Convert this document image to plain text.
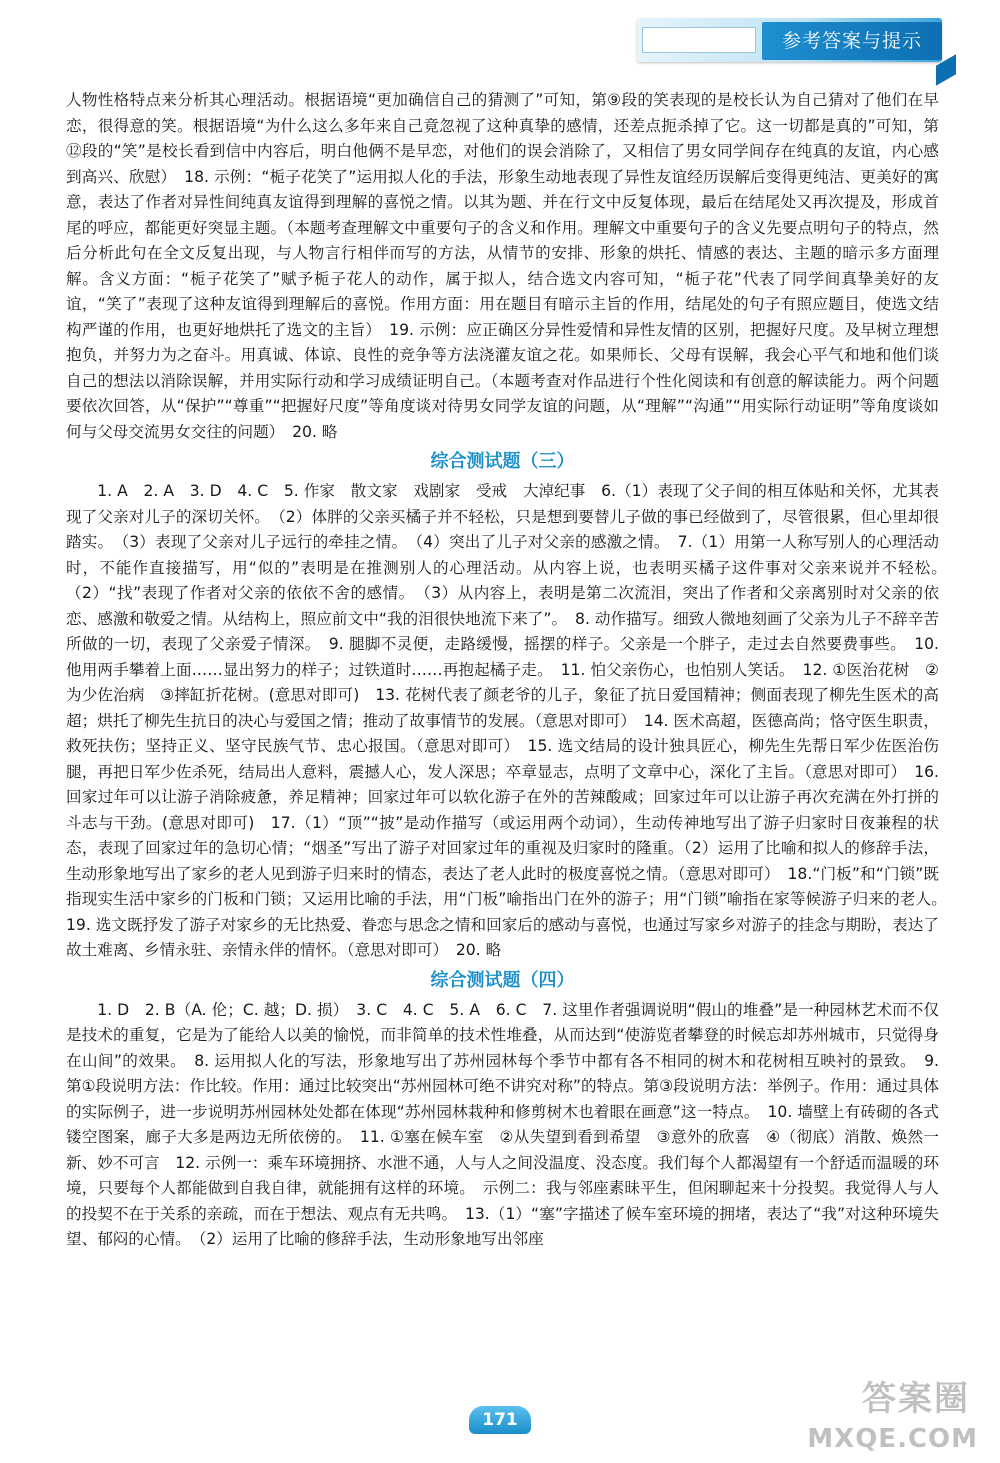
参考答案与提示

人物性格特点来分析其心理活动。根据语境“更加确信自己的猜测了”可知，第⑨段的笑表现的是校长认为自己猜对了他们在早恋，很得意的笑。根据语境“为什么这么多年来自己竟忽视了这种真挚的感情，还差点扼杀掉了它。这一切都是真的”可知，第⑫段的“笑”是校长看到信中内容后，明白他俩不是早恋，对他们的误会消除了，又相信了男女同学间存在纯真的友谊，内心感到高兴、欣慰）　18. 示例：“栀子花笑了”运用拟人化的手法，形象生动地表现了异性友谊经历误解后变得更纯洁、更美好的寓意，表达了作者对异性间纯真友谊得到理解的喜悦之情。以其为题、并在行文中反复体现，最后在结尾处又再次提及，形成首尾的呼应，都能更好突显主题。（本题考查理解文中重要句子的含义和作用。理解文中重要句子的含义先要点明句子的特点，然后分析此句在全文反复出现，与人物言行相伴而写的方法，从情节的安排、形象的烘托、情感的表达、主题的暗示多方面理解。含义方面：“栀子花笑了”赋予栀子花人的动作，属于拟人，结合选文内容可知，“栀子花”代表了同学间真挚美好的友谊，“笑了”表现了这种友谊得到理解后的喜悦。作用方面：用在题目有暗示主旨的作用，结尾处的句子有照应题目，使选文结构严谨的作用，也更好地烘托了选文的主旨）　19. 示例：应正确区分异性爱情和异性友情的区别，把握好尺度。及早树立理想抱负，并努力为之奋斗。用真诚、体谅、良性的竞争等方法浇灌友谊之花。如果师长、父母有误解，我会心平气和地和他们谈自己的想法以消除误解，并用实际行动和学习成绩证明自己。（本题考查对作品进行个性化阅读和有创意的解读能力。两个问题要依次回答，从“保护”“尊重”“把握好尺度”等角度谈对待男女同学友谊的问题，从“理解”“沟通”“用实际行动证明”等角度谈如何与父母交流男女交往的问题）　20. 略

综合测试题（三）

1. A　2. A　3. D　4. C　5. 作家　散文家　戏剧家　受戒　大淖纪事　6.（1）表现了父子间的相互体贴和关怀，尤其表现了父亲对儿子的深切关怀。　（2）体胖的父亲买橘子并不轻松，只是想到要替儿子做的事已经做到了，尽管很累，但心里却很踏实。　（3）表现了父亲对儿子远行的牵挂之情。　（4）突出了儿子对父亲的感激之情。　7.（1）用第一人称写别人的心理活动时，不能作直接描写，用“似的”表明是在推测别人的心理活动。从内容上说，也表明买橘子这件事对父亲来说并不轻松。　（2）“找”表现了作者对父亲的依依不舍的感情。　（3）从内容上，表明是第二次流泪，突出了作者和父亲离别时对父亲的依恋、感激和敬爱之情。从结构上，照应前文中“我的泪很快地流下来了”。　8. 动作描写。细致人微地刻画了父亲为儿子不辞辛苦所做的一切，表现了父亲爱子情深。　9. 腿脚不灵便，走路缓慢，摇摆的样子。父亲是一个胖子，走过去自然要费事些。　10. 他用两手攀着上面……显出努力的样子；过铁道时……再抱起橘子走。　11. 怕父亲伤心，也怕别人笑话。　12. ①医治花树　②为少佐治病　③摔缸折花树。(意思对即可)　13. 花树代表了颜老爷的儿子，象征了抗日爱国精神；侧面表现了柳先生医术的高超；烘托了柳先生抗日的决心与爱国之情；推动了故事情节的发展。（意思对即可）　14. 医术高超，医德高尚；恪守医生职责，救死扶伤；坚持正义、坚守民族气节、忠心报国。（意思对即可）　15. 选文结局的设计独具匠心，柳先生先帮日军少佐医治伤腿，再把日军少佐杀死，结局出人意料，震撼人心，发人深思；卒章显志，点明了文章中心，深化了主旨。（意思对即可）　16. 回家过年可以让游子消除疲惫，养足精神；回家过年可以软化游子在外的苦辣酸咸；回家过年可以让游子再次充满在外打拼的斗志与干劲。(意思对即可)　17.（1）“顶”“披”是动作描写（或运用两个动词），生动传神地写出了游子归家时日夜兼程的状态，表现了回家过年的急切心情；“烟圣”写出了游子对回家过年的重视及归家时的隆重。（2）运用了比喻和拟人的修辞手法，生动形象地写出了家乡的老人见到游子归来时的情态，表达了老人此时的极度喜悦之情。（意思对即可）　18.“门板”和“门锁”既指现实生活中家乡的门板和门锁；又运用比喻的手法，用“门板”喻指出门在外的游子；用“门锁”喻指在家等候游子归来的老人。　19. 选文既抒发了游子对家乡的无比热爱、眷恋与思念之情和回家后的感动与喜悦，也通过写家乡对游子的挂念与期盼，表达了故土难离、乡情永驻、亲情永伴的情怀。（意思对即可）　20. 略

综合测试题（四）

1. D　2. B（A. 伦；C. 越；D. 损）　3. C　4. C　5. A　6. C　7. 这里作者强调说明“假山的堆叠”是一种园林艺术而不仅是技术的重复，它是为了能给人以美的愉悦，而非简单的技术性堆叠，从而达到“使游览者攀登的时候忘却苏州城市，只觉得身在山间”的效果。　8. 运用拟人化的写法，形象地写出了苏州园林每个季节中都有各不相同的树木和花树相互映衬的景致。　9. 第①段说明方法：作比较。作用：通过比较突出“苏州园林可绝不讲究对称”的特点。第③段说明方法：举例子。作用：通过具体的实际例子，进一步说明苏州园林处处都在体现“苏州园林栽种和修剪树木也着眼在画意”这一特点。　10. 墙壁上有砖砌的各式镂空图案，廊子大多是两边无所依傍的。　11. ①塞在候车室　②从失望到看到希望　③意外的欣喜　④（彻底）消散、焕然一新、妙不可言　12. 示例一：乘车环境拥挤、水泄不通，人与人之间没温度、没态度。我们每个人都渴望有一个舒适而温暖的环境，只要每个人都能做到自我自律，就能拥有这样的环境。　示例二：我与邻座素昧平生，但闲聊起来十分投契。我觉得人与人的投契不在于关系的亲疏，而在于想法、观点有无共鸣。　13.（1）“塞”字描述了候车室环境的拥堵，表达了“我”对这种环境失望、郁闷的心情。　（2）运用了比喻的修辞手法，生动形象地写出邻座

171
答案圈
MXQE.COM
